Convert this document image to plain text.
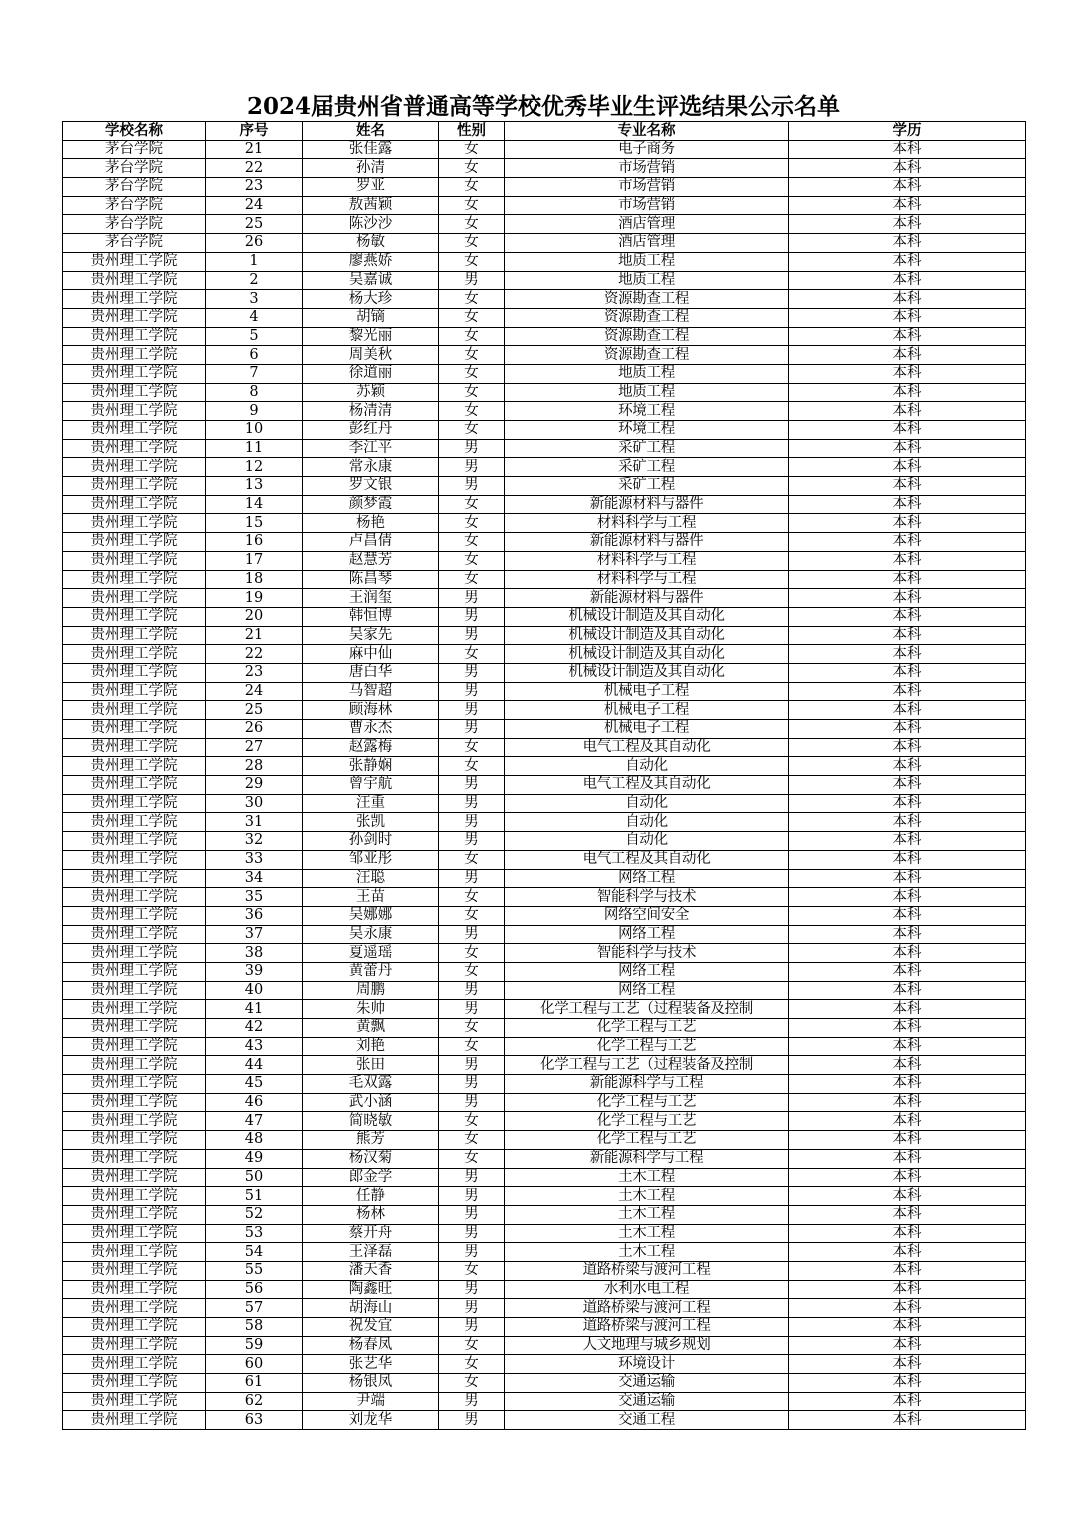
2024届贵州省普通高等学校优秀毕业生评选结果公示名单
学校名称	序号	姓名	性别	专业名称	学历
茅台学院	21	张佳露	女	电子商务	本科
茅台学院	22	孙清	女	市场营销	本科
茅台学院	23	罗亚	女	市场营销	本科
茅台学院	24	敖茜颖	女	市场营销	本科
茅台学院	25	陈沙沙	女	酒店管理	本科
茅台学院	26	杨敏	女	酒店管理	本科
贵州理工学院	1	廖燕娇	女	地质工程	本科
贵州理工学院	2	吴嘉诚	男	地质工程	本科
贵州理工学院	3	杨大珍	女	资源勘查工程	本科
贵州理工学院	4	胡镝	女	资源勘查工程	本科
贵州理工学院	5	黎光丽	女	资源勘查工程	本科
贵州理工学院	6	周美秋	女	资源勘查工程	本科
贵州理工学院	7	徐道丽	女	地质工程	本科
贵州理工学院	8	苏颖	女	地质工程	本科
贵州理工学院	9	杨清清	女	环境工程	本科
贵州理工学院	10	彭红丹	女	环境工程	本科
贵州理工学院	11	李江平	男	采矿工程	本科
贵州理工学院	12	常永康	男	采矿工程	本科
贵州理工学院	13	罗文银	男	采矿工程	本科
贵州理工学院	14	颜梦霞	女	新能源材料与器件	本科
贵州理工学院	15	杨艳	女	材料科学与工程	本科
贵州理工学院	16	卢昌倩	女	新能源材料与器件	本科
贵州理工学院	17	赵慧芳	女	材料科学与工程	本科
贵州理工学院	18	陈昌琴	女	材料科学与工程	本科
贵州理工学院	19	王润玺	男	新能源材料与器件	本科
贵州理工学院	20	韩恒博	男	机械设计制造及其自动化	本科
贵州理工学院	21	吴家先	男	机械设计制造及其自动化	本科
贵州理工学院	22	麻中仙	女	机械设计制造及其自动化	本科
贵州理工学院	23	唐白华	男	机械设计制造及其自动化	本科
贵州理工学院	24	马智超	男	机械电子工程	本科
贵州理工学院	25	顾海林	男	机械电子工程	本科
贵州理工学院	26	曹永杰	男	机械电子工程	本科
贵州理工学院	27	赵露梅	女	电气工程及其自动化	本科
贵州理工学院	28	张静娴	女	自动化	本科
贵州理工学院	29	曾宇航	男	电气工程及其自动化	本科
贵州理工学院	30	汪重	男	自动化	本科
贵州理工学院	31	张凯	男	自动化	本科
贵州理工学院	32	孙剑时	男	自动化	本科
贵州理工学院	33	邹亚彤	女	电气工程及其自动化	本科
贵州理工学院	34	汪聪	男	网络工程	本科
贵州理工学院	35	王苗	女	智能科学与技术	本科
贵州理工学院	36	吴娜娜	女	网络空间安全	本科
贵州理工学院	37	吴永康	男	网络工程	本科
贵州理工学院	38	夏遥瑶	女	智能科学与技术	本科
贵州理工学院	39	黄蕾丹	女	网络工程	本科
贵州理工学院	40	周鹏	男	网络工程	本科
贵州理工学院	41	朱帅	男	化学工程与工艺（过程装备及控制	本科
贵州理工学院	42	黄飘	女	化学工程与工艺	本科
贵州理工学院	43	刘艳	女	化学工程与工艺	本科
贵州理工学院	44	张田	男	化学工程与工艺（过程装备及控制	本科
贵州理工学院	45	毛双露	男	新能源科学与工程	本科
贵州理工学院	46	武小涵	男	化学工程与工艺	本科
贵州理工学院	47	简晓敏	女	化学工程与工艺	本科
贵州理工学院	48	熊芳	女	化学工程与工艺	本科
贵州理工学院	49	杨汉菊	女	新能源科学与工程	本科
贵州理工学院	50	郎金学	男	土木工程	本科
贵州理工学院	51	任静	男	土木工程	本科
贵州理工学院	52	杨林	男	土木工程	本科
贵州理工学院	53	蔡开舟	男	土木工程	本科
贵州理工学院	54	王泽磊	男	土木工程	本科
贵州理工学院	55	潘天香	女	道路桥梁与渡河工程	本科
贵州理工学院	56	陶鑫旺	男	水利水电工程	本科
贵州理工学院	57	胡海山	男	道路桥梁与渡河工程	本科
贵州理工学院	58	祝发宜	男	道路桥梁与渡河工程	本科
贵州理工学院	59	杨春凤	女	人文地理与城乡规划	本科
贵州理工学院	60	张艺华	女	环境设计	本科
贵州理工学院	61	杨银凤	女	交通运输	本科
贵州理工学院	62	尹端	男	交通运输	本科
贵州理工学院	63	刘龙华	男	交通工程	本科
